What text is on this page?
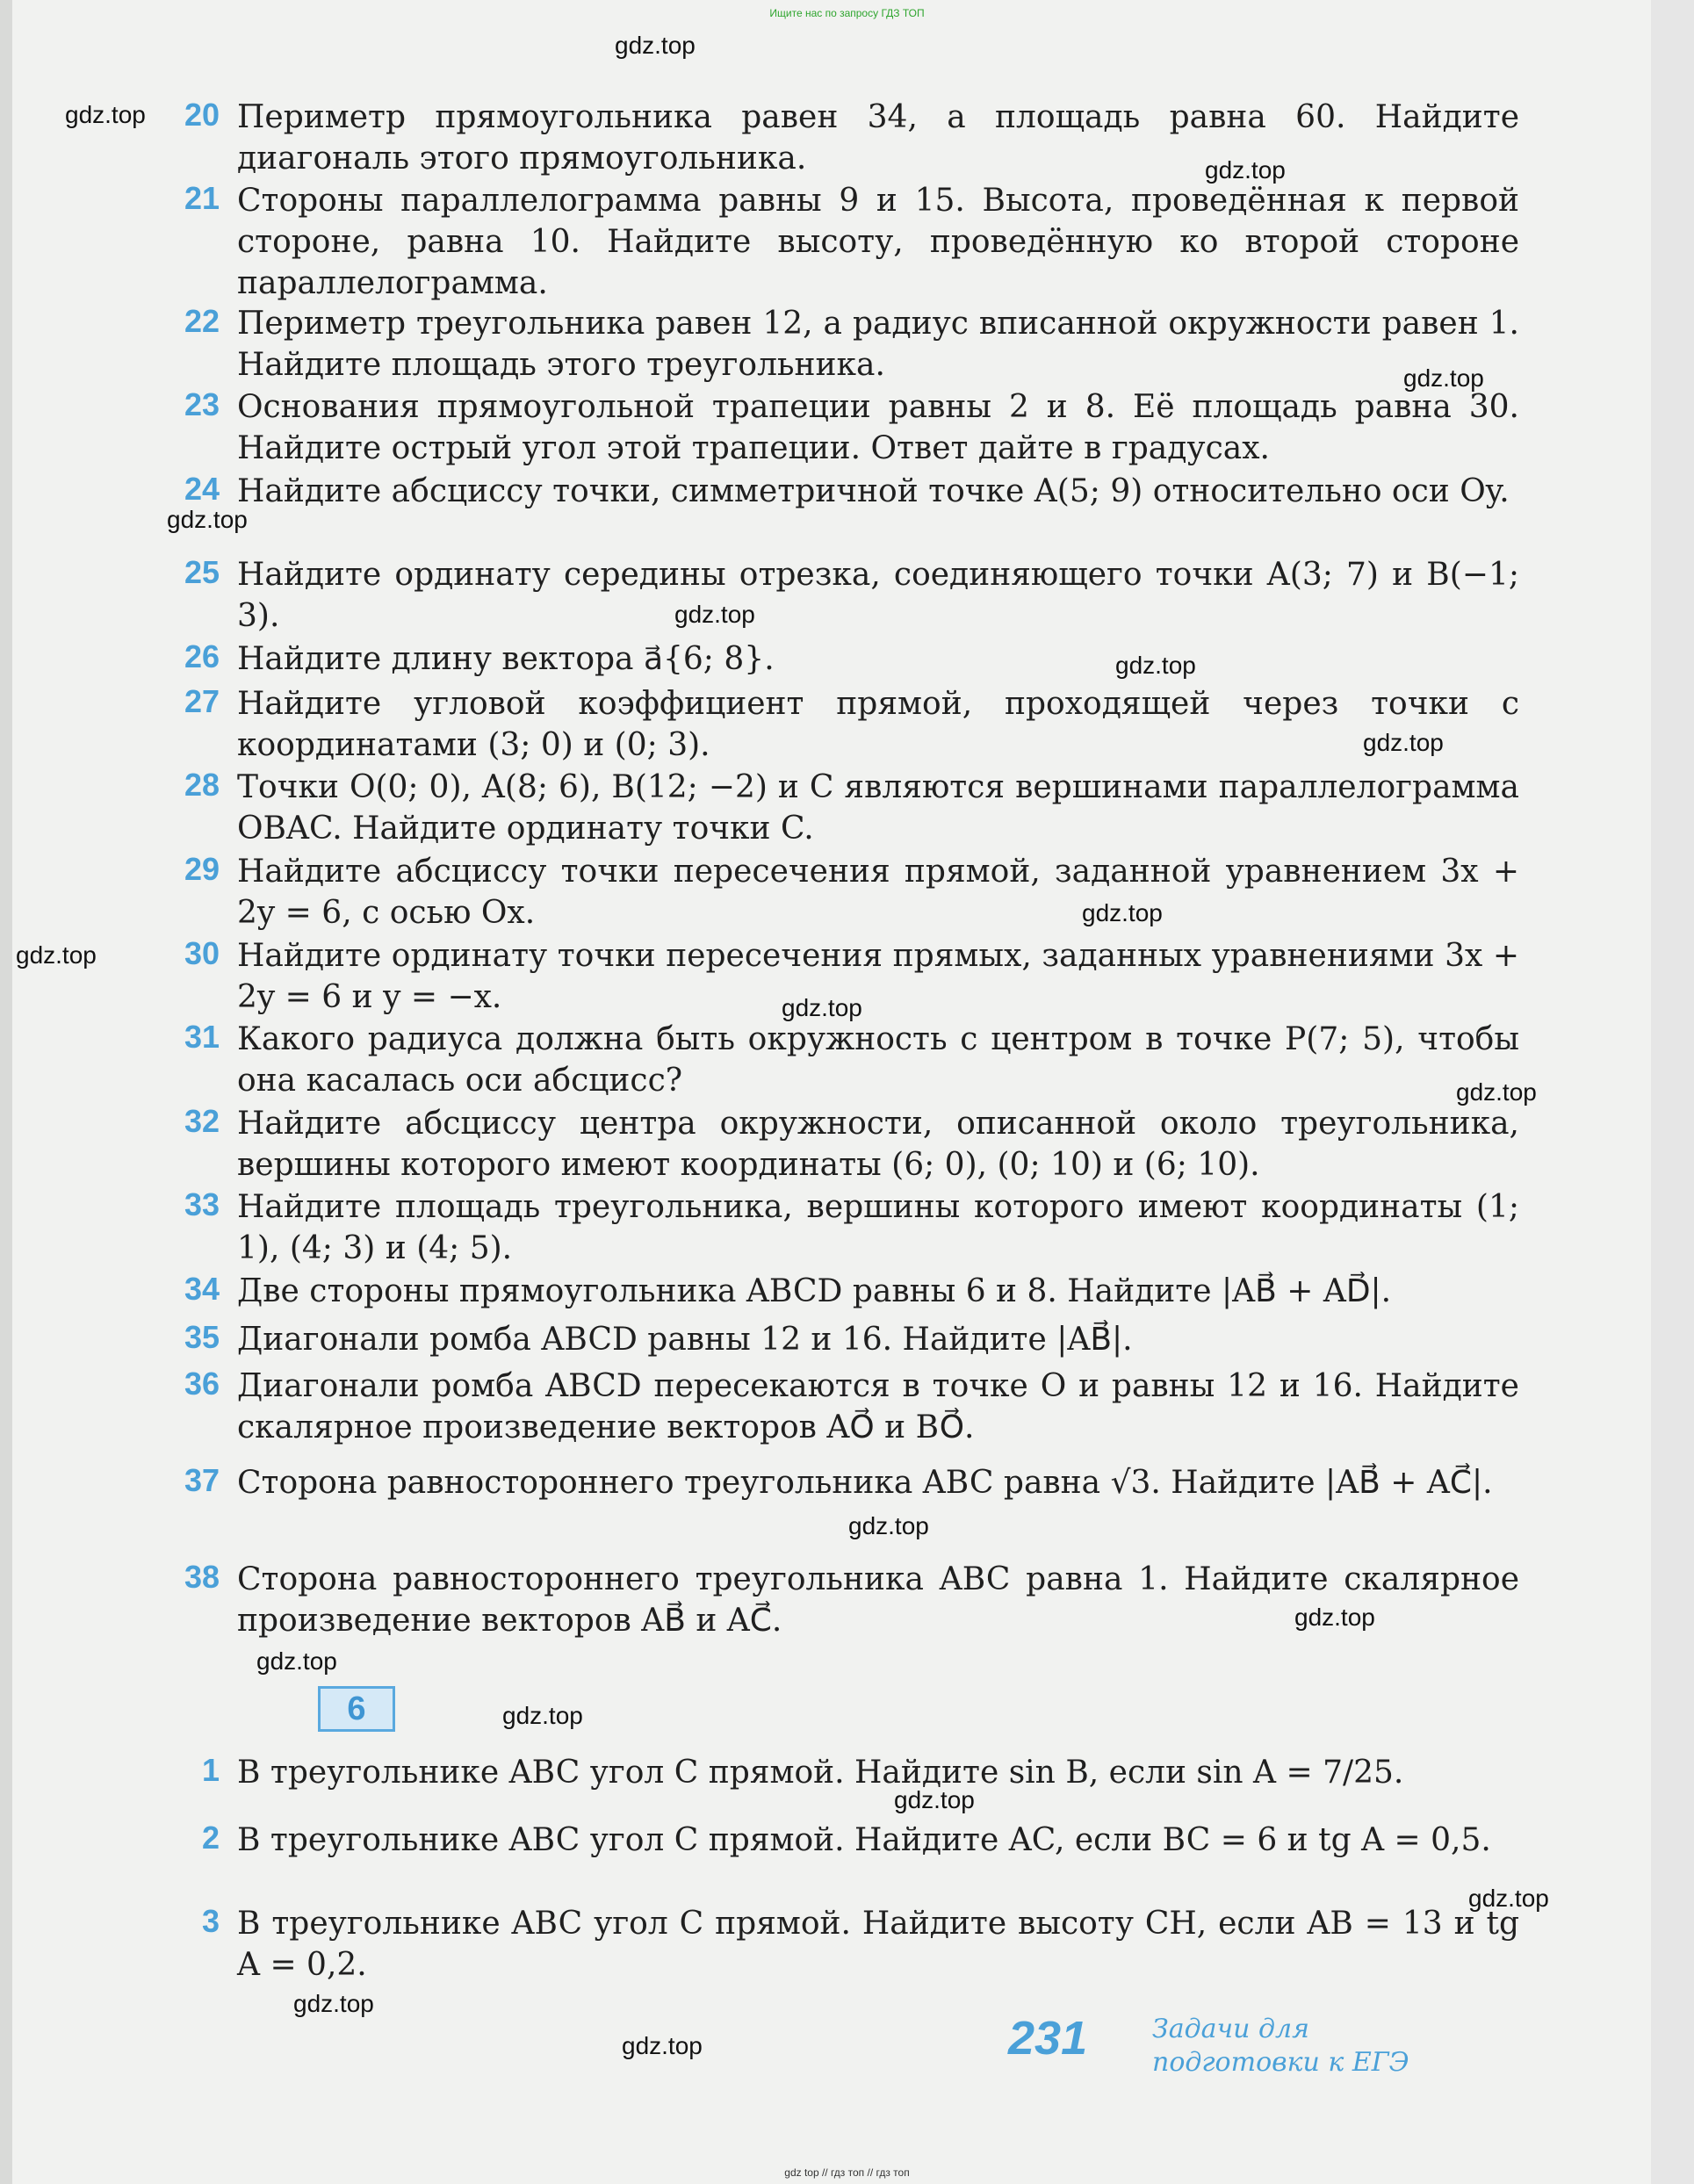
Ищите нас по запросу ГДЗ ТОП
20 Периметр прямоугольника равен 34, а площадь равна 60. Найдите диагональ этого прямоугольника.
21 Стороны параллелограмма равны 9 и 15. Высота, проведённая к первой стороне, равна 10. Найдите высоту, проведённую ко второй стороне параллелограмма.
22 Периметр треугольника равен 12, а радиус вписанной окружности равен 1. Найдите площадь этого треугольника.
23 Основания прямоугольной трапеции равны 2 и 8. Её площадь равна 30. Найдите острый угол этой трапеции. Ответ дайте в градусах.
24 Найдите абсциссу точки, симметричной точке A(5; 9) относительно оси Oy.
25 Найдите ординату середины отрезка, соединяющего точки A(3; 7) и B(−1; 3).
26 Найдите длину вектора a⃗{6; 8}.
27 Найдите угловой коэффициент прямой, проходящей через точки с координатами (3; 0) и (0; 3).
28 Точки O(0; 0), A(8; 6), B(12; −2) и C являются вершинами параллелограмма OBAC. Найдите ординату точки C.
29 Найдите абсциссу точки пересечения прямой, заданной уравнением 3x + 2y = 6, с осью Ox.
30 Найдите ординату точки пересечения прямых, заданных уравнениями 3x + 2y = 6 и y = −x.
31 Какого радиуса должна быть окружность с центром в точке P(7; 5), чтобы она касалась оси абсцисс?
32 Найдите абсциссу центра окружности, описанной около треугольника, вершины которого имеют координаты (6; 0), (0; 10) и (6; 10).
33 Найдите площадь треугольника, вершины которого имеют координаты (1; 1), (4; 3) и (4; 5).
34 Две стороны прямоугольника ABCD равны 6 и 8. Найдите |AB⃗ + AD⃗|.
35 Диагонали ромба ABCD равны 12 и 16. Найдите |AB⃗|.
36 Диагонали ромба ABCD пересекаются в точке O и равны 12 и 16. Найдите скалярное произведение векторов AO⃗ и BO⃗.
37 Сторона равностороннего треугольника ABC равна √3. Найдите |AB⃗ + AC⃗|.
38 Сторона равностороннего треугольника ABC равна 1. Найдите скалярное произведение векторов AB⃗ и AC⃗.
6
1 В треугольнике ABC угол C прямой. Найдите sin B, если sin A = 7/25.
2 В треугольнике ABC угол C прямой. Найдите AC, если BC = 6 и tg A = 0,5.
3 В треугольнике ABC угол C прямой. Найдите высоту CH, если AB = 13 и tg A = 0,2.
231 Задачи для
подготовки к ЕГЭ
gdz.top
gdz.top
gdz.top
gdz.top
gdz.top
gdz.top
gdz.top
gdz.top
gdz.top
gdz.top
gdz.top
gdz.top
gdz.top
gdz.top
gdz.top
gdz.top
gdz.top
gdz.top
gdz.top
gdz.top
gdz top // гдз топ // гдз топ
